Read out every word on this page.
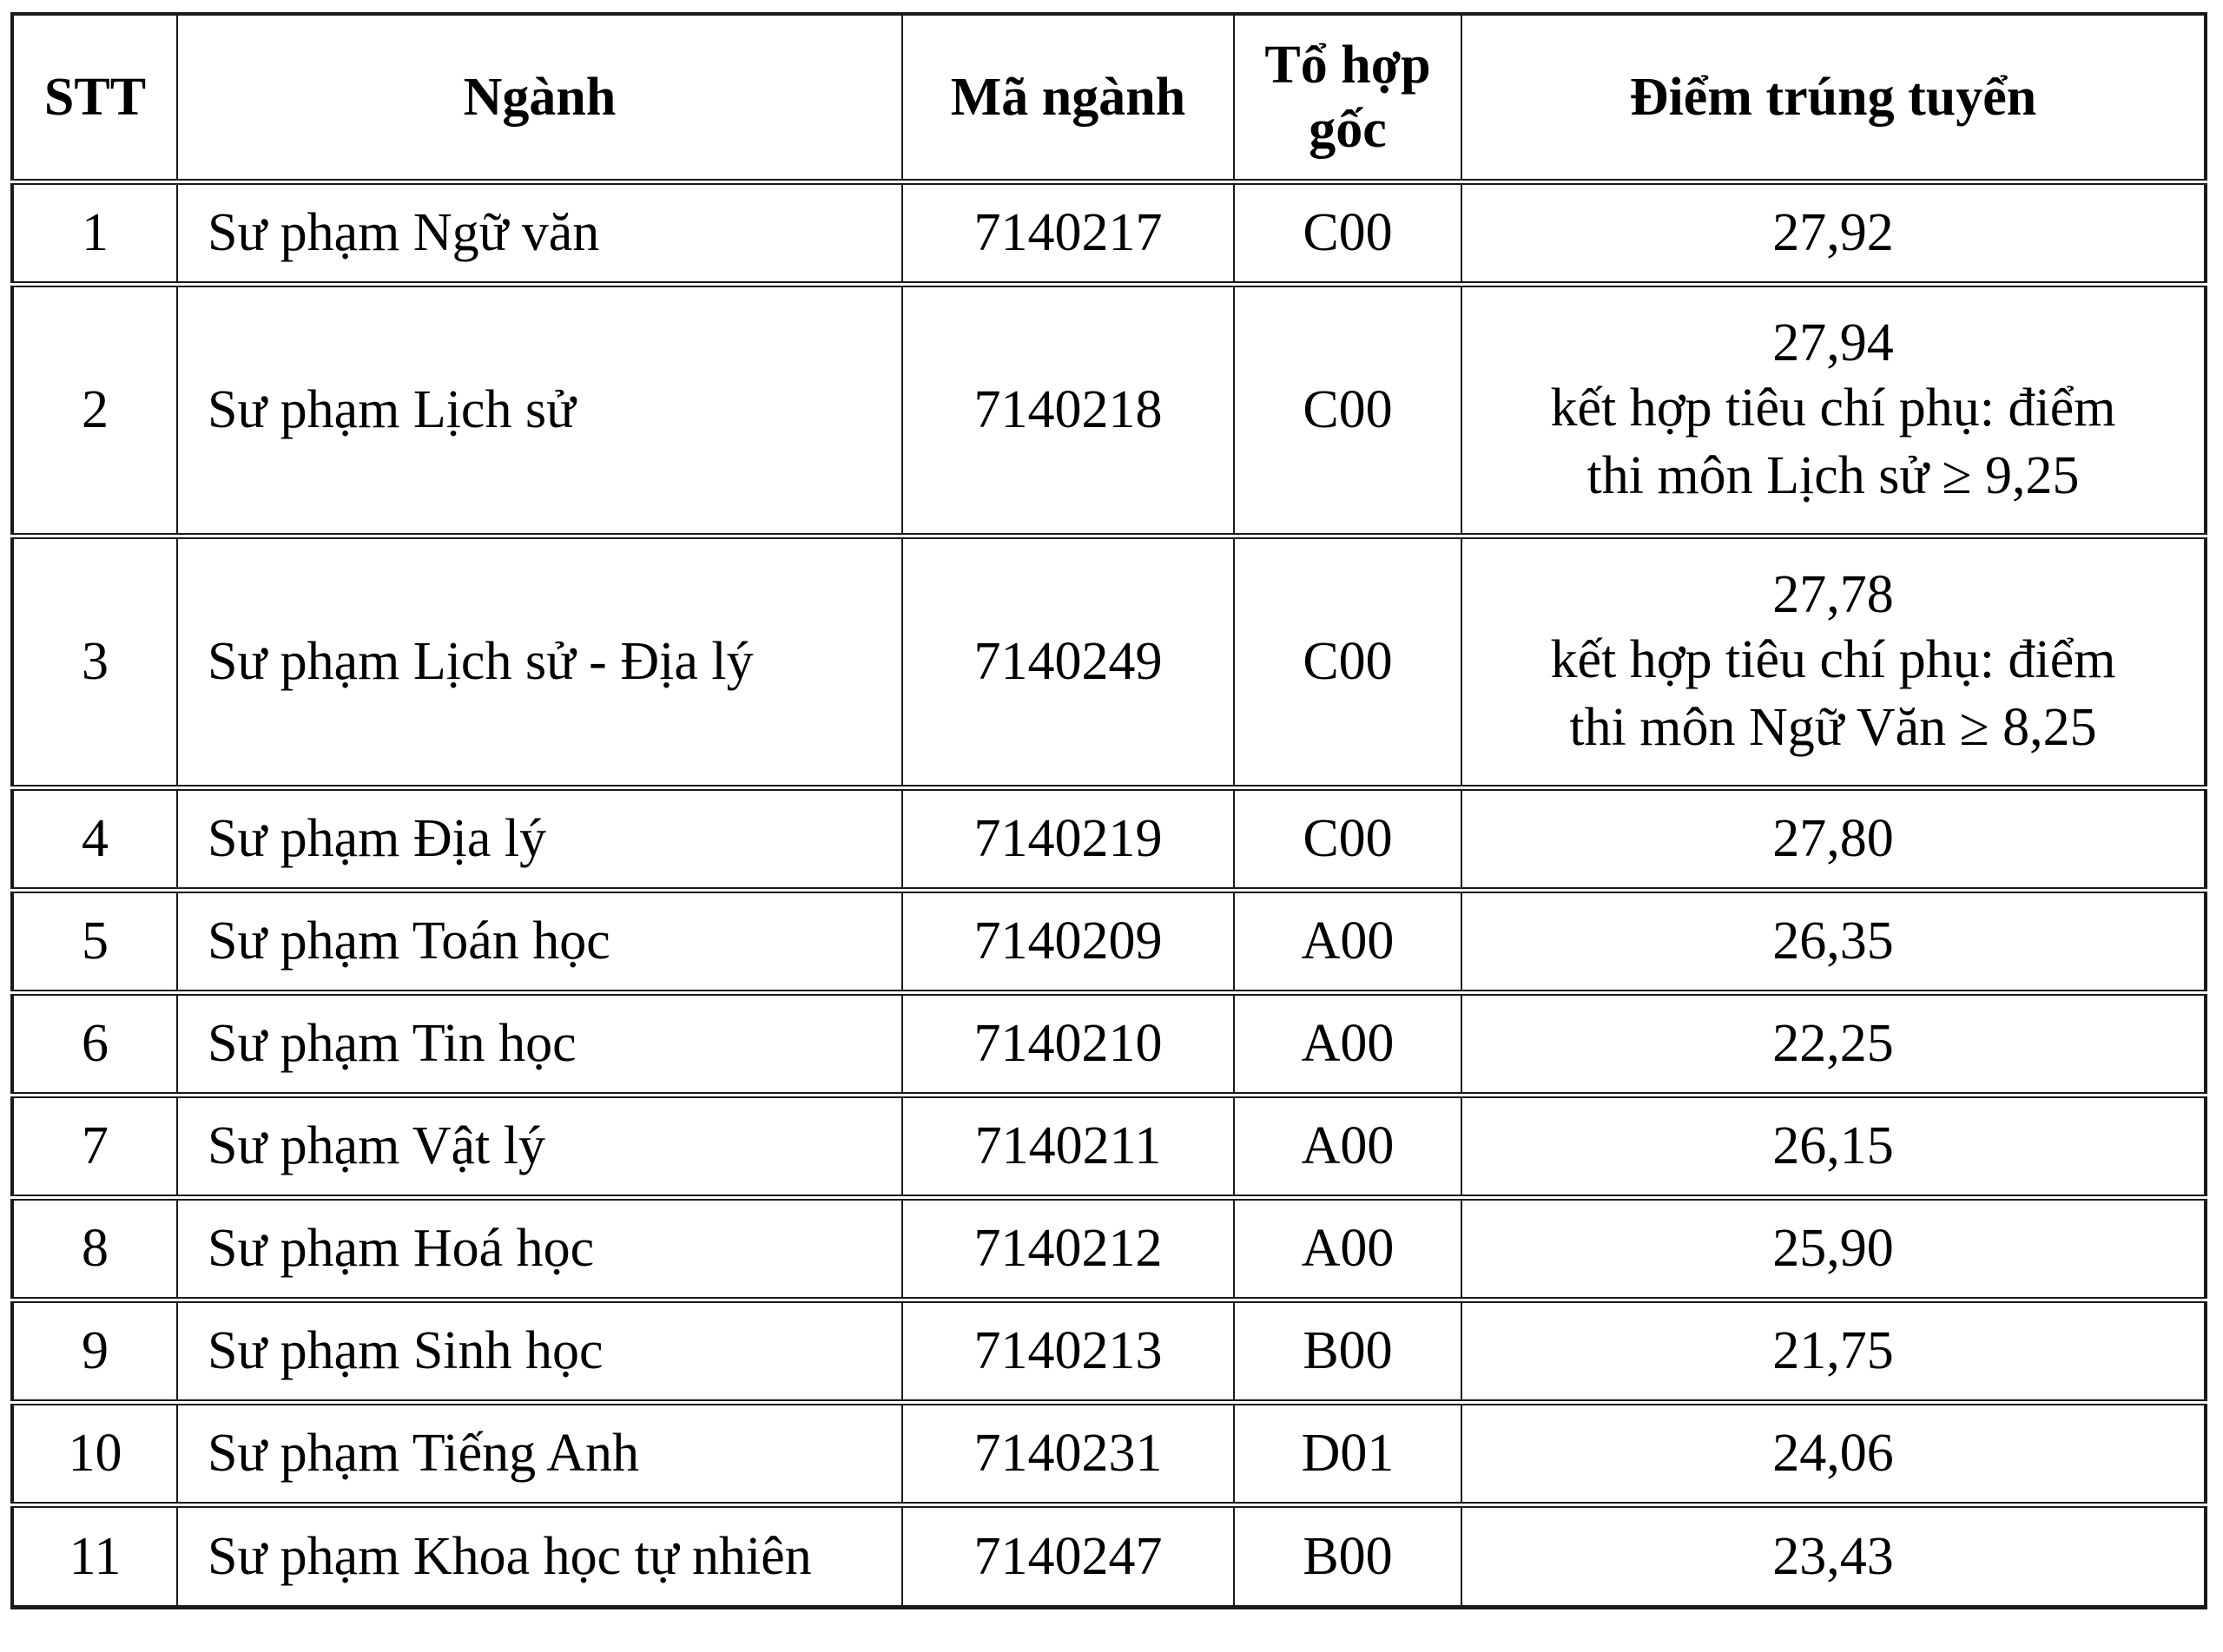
STT	Ngành	Mã ngành	Tổ hợp gốc	Điểm trúng tuyển
1	Sư phạm Ngữ văn	7140217	C00	27,92

2	Sư phạm Lịch sử	7140218	C00	27,94
kết hợp tiêu chí phụ: điểm thi môn Lịch sử ≥ 9,25

3	Sư phạm Lịch sử - Địa lý	7140249	C00	27,78
kết hợp tiêu chí phụ: điểm thi môn Ngữ Văn ≥ 8,25

4	Sư phạm Địa lý	7140219	C00	27,80

5	Sư phạm Toán học	7140209	A00	26,35

6	Sư phạm Tin học	7140210	A00	22,25

7	Sư phạm Vật lý	7140211	A00	26,15

8	Sư phạm Hoá học	7140212	A00	25,90

9	Sư phạm Sinh học	7140213	B00	21,75

10	Sư phạm Tiếng Anh	7140231	D01	24,06

11	Sư phạm Khoa học tự nhiên	7140247	B00	23,43
